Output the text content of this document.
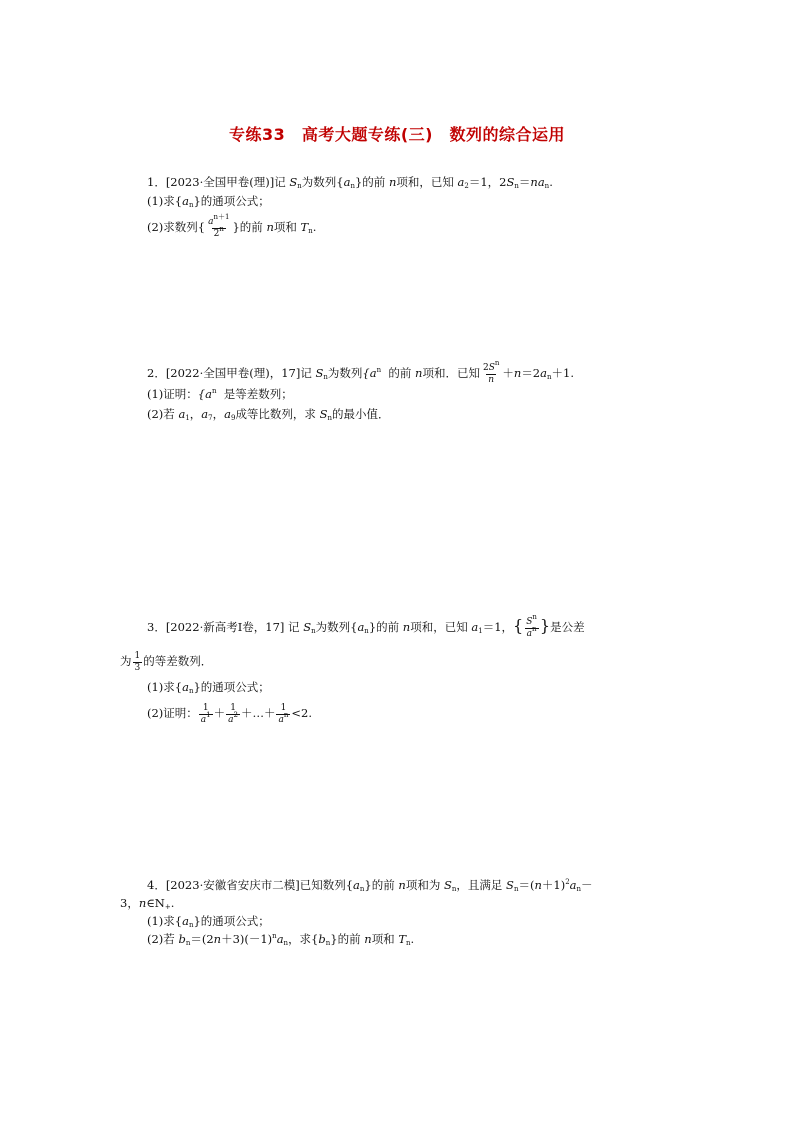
专练33　高考大题专练(三)　数列的综合运用
1．[2023·全国甲卷(理)]记 $S_n$为数列$\{a_n\}$的前 n项和，已知 $a_2=1$，$2S_n=na_n$.
(1)求$\{a_n\}$的通项公式；
(2)求数列{ $\frac{a^{n+1}}{2^n}$ }的前 n项和 $T_n$.
2．[2022·全国甲卷(理)，17]记 $S_n$为数列{$a^n$ 的前 n项和．已知 $\frac{2S^n}{n} +n=2a_n+1$.
(1)证明：{$a^n$ 是等差数列；
(2)若 $a_1$，$a_7$，$a_9$成等比数列，求 $S_n$的最小值．
3．[2022·新高考Ⅰ卷，17] 记 $S_n$为数列$\{a_n\}$的前 n项和，已知 $a_1=1$，{ $\frac{S^n}{a^n}$ }是公差
为 $\frac{1}{3}$ 的等差数列．
(1)求$\{a_n\}$的通项公式；
(2)证明： $\frac{1}{a^1} + \frac{1}{a^2}$ ＋…＋ $\frac{1}{a^n} <2$.
4．[2023·安徽省安庆市二模]已知数列$\{a_n\}$的前 n项和为 $S_n$，且满足 $S_n=(n+1)^2a_n-$
3，$n\in N_+$.
(1)求$\{a_n\}$的通项公式；
(2)若 $b_n=(2n+3)(-1)^na_n$，求$\{b_n\}$的前 n项和 $T_n$.
